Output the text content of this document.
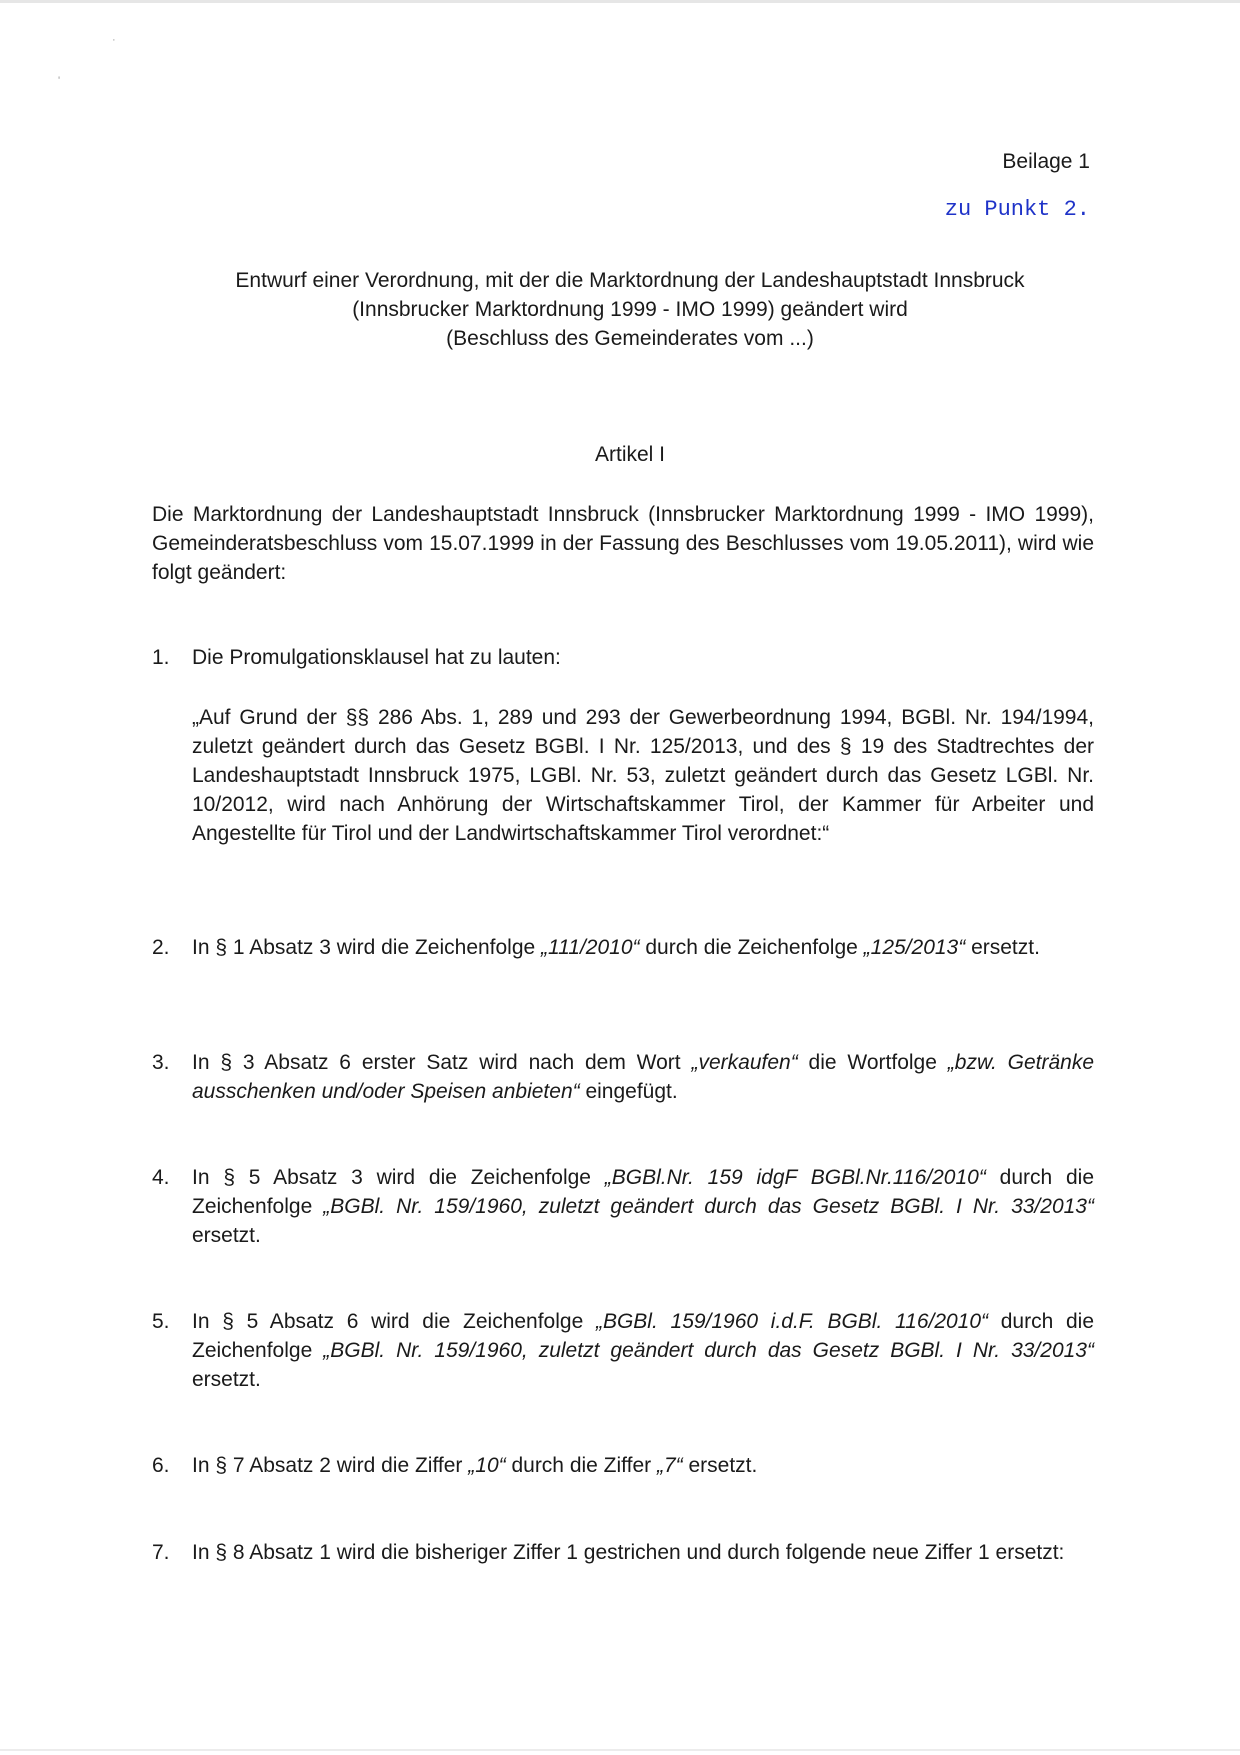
·
'
Beilage 1
zu Punkt 2.
Entwurf einer Verordnung, mit der die Marktordnung der Landeshauptstadt Innsbruck
(Innsbrucker Marktordnung 1999 - IMO 1999) geändert wird
(Beschluss des Gemeinderates vom ...)
Artikel I
Die Marktordnung der Landeshauptstadt Innsbruck (Innsbrucker Marktordnung 1999 - IMO 1999), Gemeinderatsbeschluss vom 15.07.1999 in der Fassung des Beschlusses vom 19.05.2011), wird wie folgt geändert:
1.	Die Promulgationsklausel hat zu lauten:
„Auf Grund der §§ 286 Abs. 1, 289 und 293 der Gewerbeordnung 1994, BGBl. Nr. 194/1994, zuletzt geändert durch das Gesetz BGBl. I Nr. 125/2013, und des § 19 des Stadtrechtes der Landeshauptstadt Innsbruck 1975, LGBl. Nr. 53, zuletzt geändert durch das Gesetz LGBl. Nr. 10/2012, wird nach Anhörung der Wirtschaftskammer Tirol, der Kammer für Arbeiter und Angestellte für Tirol und der Landwirtschaftskammer Tirol verordnet:“
2.	In § 1 Absatz 3 wird die Zeichenfolge „111/2010“ durch die Zeichenfolge „125/2013“ ersetzt.
3.	In § 3 Absatz 6 erster Satz wird nach dem Wort „verkaufen“ die Wortfolge „bzw. Getränke ausschenken und/oder Speisen anbieten“ eingefügt.
4.	In § 5 Absatz 3 wird die Zeichenfolge „BGBl.Nr. 159 idgF BGBl.Nr.116/2010“ durch die Zeichenfolge „BGBl. Nr. 159/1960, zuletzt geändert durch das Gesetz BGBl. I Nr. 33/2013“ ersetzt.
5.	In § 5 Absatz 6 wird die Zeichenfolge „BGBl. 159/1960 i.d.F. BGBl. 116/2010“ durch die Zeichenfolge „BGBl. Nr. 159/1960, zuletzt geändert durch das Gesetz BGBl. I Nr. 33/2013“ ersetzt.
6.	In § 7 Absatz 2 wird die Ziffer „10“ durch die Ziffer „7“ ersetzt.
7.	In § 8 Absatz 1 wird die bisheriger Ziffer 1 gestrichen und durch folgende neue Ziffer 1 ersetzt:
